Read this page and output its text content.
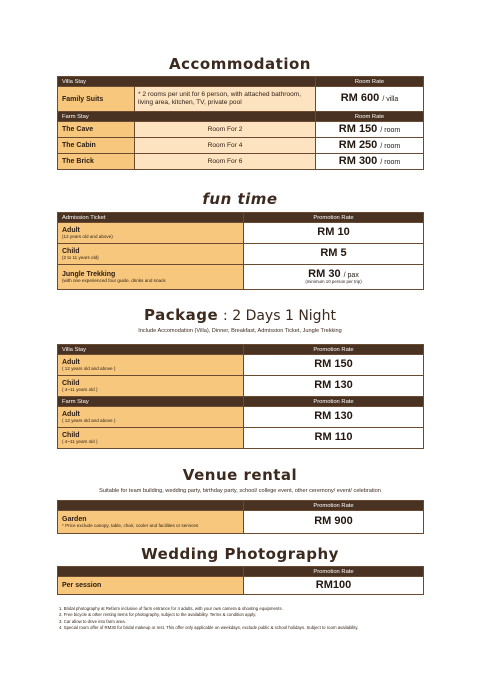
Accommodation
Villa Stay		Room Rate
Family Suits	* 2 rooms per unit for 6 person, with attached bathroom, living area, kitchen, TV, private pool	RM 600 / villa
Farm Stay		Room Rate
The Cave	Room For 2	RM 150 / room
The Cabin	Room For 4	RM 250 / room
The Brick	Room For 6	RM 300 / room
fun time
Admission Ticket	Promotion Rate
Adult
(12 years old and above)	RM 10
Child
(2 to 11 years old)	RM 5
Jungle Trekking
(with one experienced four guide, drinks and snack	RM 30 / pax
(minimum 10 person per trip)
Package : 2 Days 1 Night
Include Accomodation (Villa), Dinner, Breakfast, Admission Ticket, Jungle Trekking
Villa Stay	Promotion Rate
Adult
( 12 years old and above )	RM 150
Child
( 4~11 years old )	RM 130
Farm Stay	Promotion Rate
Adult
( 12 years old and above )	RM 130
Child
( 4~11 years old )	RM 110
Venue rental
Suitable for team building, wedding party, birthday party, school/ college event, other ceremony/ event/ celebration
	Promotion Rate
Garden
* Price exclude canopy, table, chair, cooler and facilities or services	RM 900
Wedding Photography
	Promotion Rate
Per session	RM100
1. Bridal photography at Refarm inclusive of farm entrance for 4 adults, with your own camera & shooting equipments.
2. Free bicycle & other renting items for photography, subject to the availability. Terms & condition apply.
3. Car allow to drive into farm area.
4. Special room offer of RM30 for bridal makeup or rest. This offer only applicable on weekdays, exclude public & school holidays. Subject to room availability.
